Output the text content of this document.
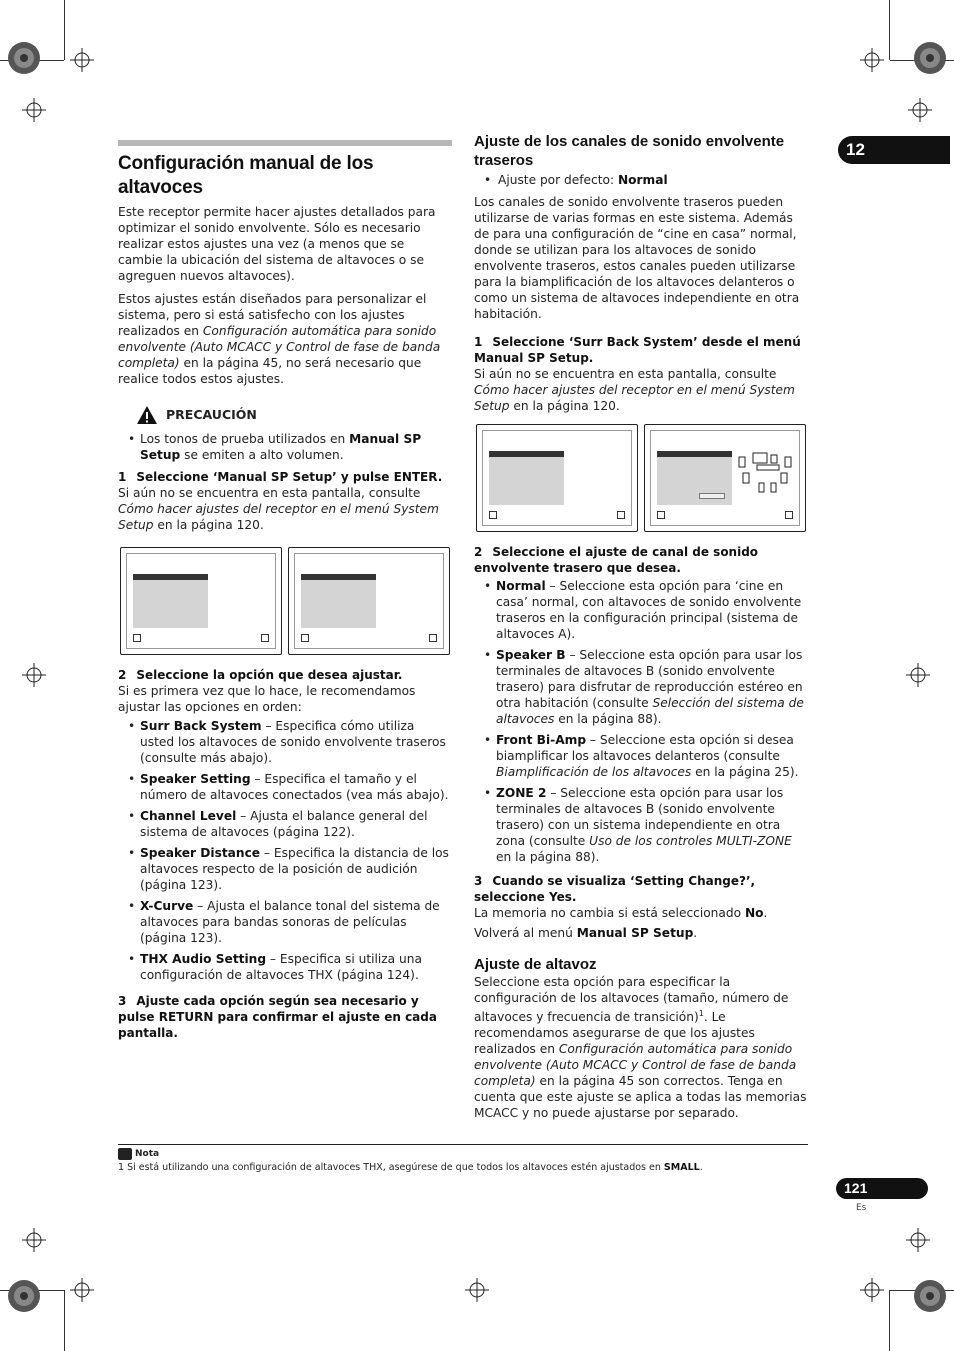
12
Configuración manual de los altavoces

Este receptor permite hacer ajustes detallados para optimizar el sonido envolvente. Sólo es necesario realizar estos ajustes una vez (a menos que se cambie la ubicación del sistema de altavoces o se agreguen nuevos altavoces).

Estos ajustes están diseñados para personalizar el sistema, pero si está satisfecho con los ajustes realizados en Configuración automática para sonido envolvente (Auto MCACC y Control de fase de banda completa) en la página 45, no será necesario que realice todos estos ajustes.

PRECAUCIÓN
• Los tonos de prueba utilizados en Manual SP Setup se emiten a alto volumen.
1 Seleccione ‘Manual SP Setup’ y pulse ENTER.

Si aún no se encuentra en esta pantalla, consulte Cómo hacer ajustes del receptor en el menú System Setup en la página 120.

2 Seleccione la opción que desea ajustar.

Si es primera vez que lo hace, le recomendamos ajustar las opciones en orden:

• Surr Back System – Especifica cómo utiliza usted los altavoces de sonido envolvente traseros (consulte más abajo).
• Speaker Setting – Especifica el tamaño y el número de altavoces conectados (vea más abajo).
• Channel Level – Ajusta el balance general del sistema de altavoces (página 122).
• Speaker Distance – Especifica la distancia de los altavoces respecto de la posición de audición (página 123).
• X-Curve – Ajusta el balance tonal del sistema de altavoces para bandas sonoras de películas (página 123).
• THX Audio Setting – Especifica si utiliza una configuración de altavoces THX (página 124).
3 Ajuste cada opción según sea necesario y pulse RETURN para confirmar el ajuste en cada pantalla.
Ajuste de los canales de sonido envolvente traseros
• Ajuste por defecto: Normal

Los canales de sonido envolvente traseros pueden utilizarse de varias formas en este sistema. Además de para una configuración de “cine en casa” normal, donde se utilizan para los altavoces de sonido envolvente traseros, estos canales pueden utilizarse para la biamplificación de los altavoces delanteros o como un sistema de altavoces independiente en otra habitación.

1 Seleccione ‘Surr Back System’ desde el menú Manual SP Setup.

Si aún no se encuentra en esta pantalla, consulte Cómo hacer ajustes del receptor en el menú System Setup en la página 120.

2 Seleccione el ajuste de canal de sonido envolvente trasero que desea.
• Normal – Seleccione esta opción para ‘cine en casa’ normal, con altavoces de sonido envolvente traseros en la configuración principal (sistema de altavoces A).
• Speaker B – Seleccione esta opción para usar los terminales de altavoces B (sonido envolvente trasero) para disfrutar de reproducción estéreo en otra habitación (consulte Selección del sistema de altavoces en la página 88).
• Front Bi-Amp – Seleccione esta opción si desea biamplificar los altavoces delanteros (consulte Biamplificación de los altavoces en la página 25).
• ZONE 2 – Seleccione esta opción para usar los terminales de altavoces B (sonido envolvente trasero) con un sistema independiente en otra zona (consulte Uso de los controles MULTI-ZONE en la página 88).
3 Cuando se visualiza ‘Setting Change?’, seleccione Yes.

La memoria no cambia si está seleccionado No.

Volverá al menú Manual SP Setup.

Ajuste de altavoz

Seleccione esta opción para especificar la configuración de los altavoces (tamaño, número de altavoces y frecuencia de transición)$^1$. Le recomendamos asegurarse de que los ajustes realizados en Configuración automática para sonido envolvente (Auto MCACC y Control de fase de banda completa) en la página 45 son correctos. Tenga en cuenta que este ajuste se aplica a todas las memorias MCACC y no puede ajustarse por separado.

Nota
1 Si está utilizando una configuración de altavoces THX, asegúrese de que todos los altavoces estén ajustados en SMALL.
121
Es
